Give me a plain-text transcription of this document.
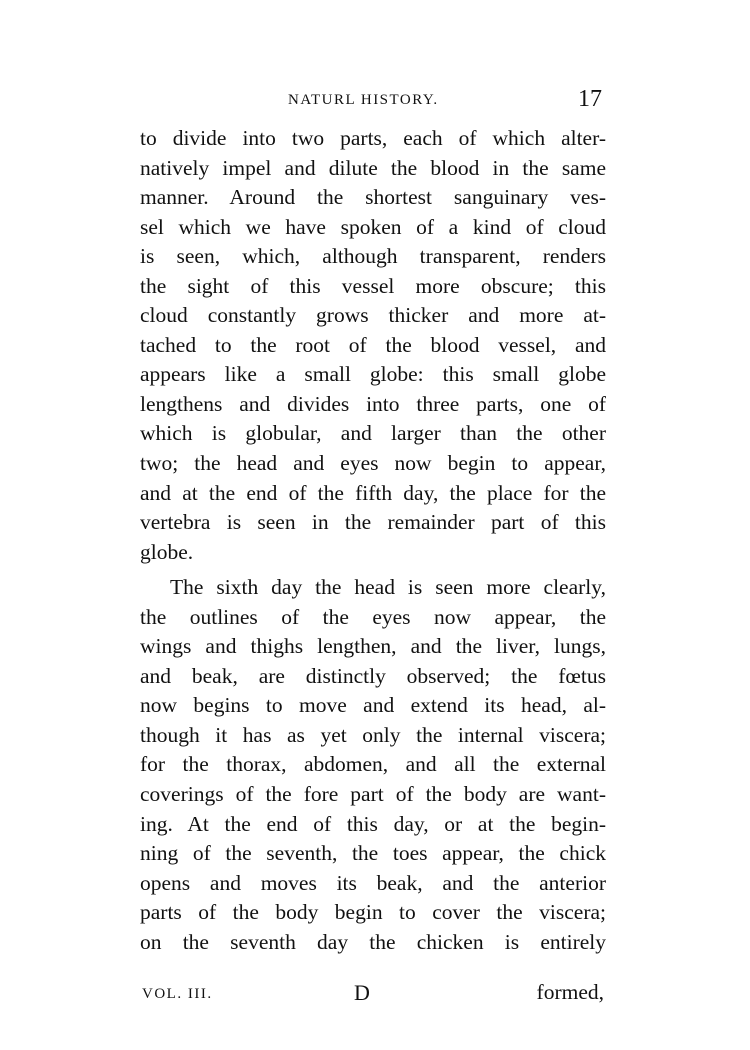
NATURL HISTORY.	17
to divide into two parts, each of which alter-
natively impel and dilute the blood in the same
manner. Around the shortest sanguinary ves-
sel which we have spoken of a kind of cloud
is seen, which, although transparent, renders
the sight of this vessel more obscure; this
cloud constantly grows thicker and more at-
tached to the root of the blood vessel, and
appears like a small globe: this small globe
lengthens and divides into three parts, one of
which is globular, and larger than the other
two; the head and eyes now begin to appear,
and at the end of the fifth day, the place for the
vertebra is seen in the remainder part of this
globe.
The sixth day the head is seen more clearly,
the outlines of the eyes now appear, the
wings and thighs lengthen, and the liver, lungs,
and beak, are distinctly observed; the fœtus
now begins to move and extend its head, al-
though it has as yet only the internal viscera;
for the thorax, abdomen, and all the external
coverings of the fore part of the body are want-
ing. At the end of this day, or at the begin-
ning of the seventh, the toes appear, the chick
opens and moves its beak, and the anterior
parts of the body begin to cover the viscera;
on the seventh day the chicken is entirely
VOL. III.	D	formed,
